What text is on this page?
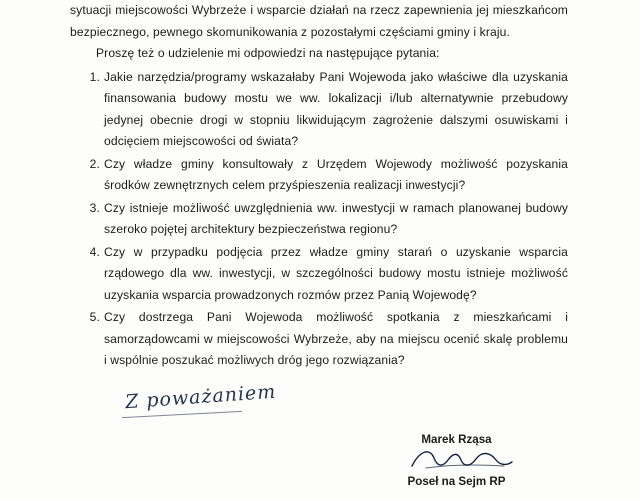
sytuacji miejscowości Wybrzeże i wsparcie działań na rzecz zapewnienia jej mieszkańcom bezpiecznego, pewnego skomunikowania z pozostałymi częściami gminy i kraju.

Proszę też o udzielenie mi odpowiedzi na następujące pytania:

1. Jakie narzędzia/programy wskazałaby Pani Wojewoda jako właściwe dla uzyskania finansowania budowy mostu we ww. lokalizacji i/lub alternatywnie przebudowy jedynej obecnie drogi w stopniu likwidującym zagrożenie dalszymi osuwiskami i odcięciem miejscowości od świata?
2. Czy władze gminy konsultowały z Urzędem Wojewody możliwość pozyskania środków zewnętrznych celem przyśpieszenia realizacji inwestycji?
3. Czy istnieje możliwość uwzględnienia ww. inwestycji w ramach planowanej budowy szeroko pojętej architektury bezpieczeństwa regionu?
4. Czy w przypadku podjęcia przez władze gminy starań o uzyskanie wsparcia rządowego dla ww. inwestycji, w szczególności budowy mostu istnieje możliwość uzyskania wsparcia prowadzonych rozmów przez Panią Wojewodę?
5. Czy dostrzega Pani Wojewoda możliwość spotkania z mieszkańcami i samorządowcami w miejscowości Wybrzeże, aby na miejscu ocenić skalę problemu i wspólnie poszukać możliwych dróg jego rozwiązania?
Z poważaniem
Marek Rząsa
Poseł na Sejm RP
